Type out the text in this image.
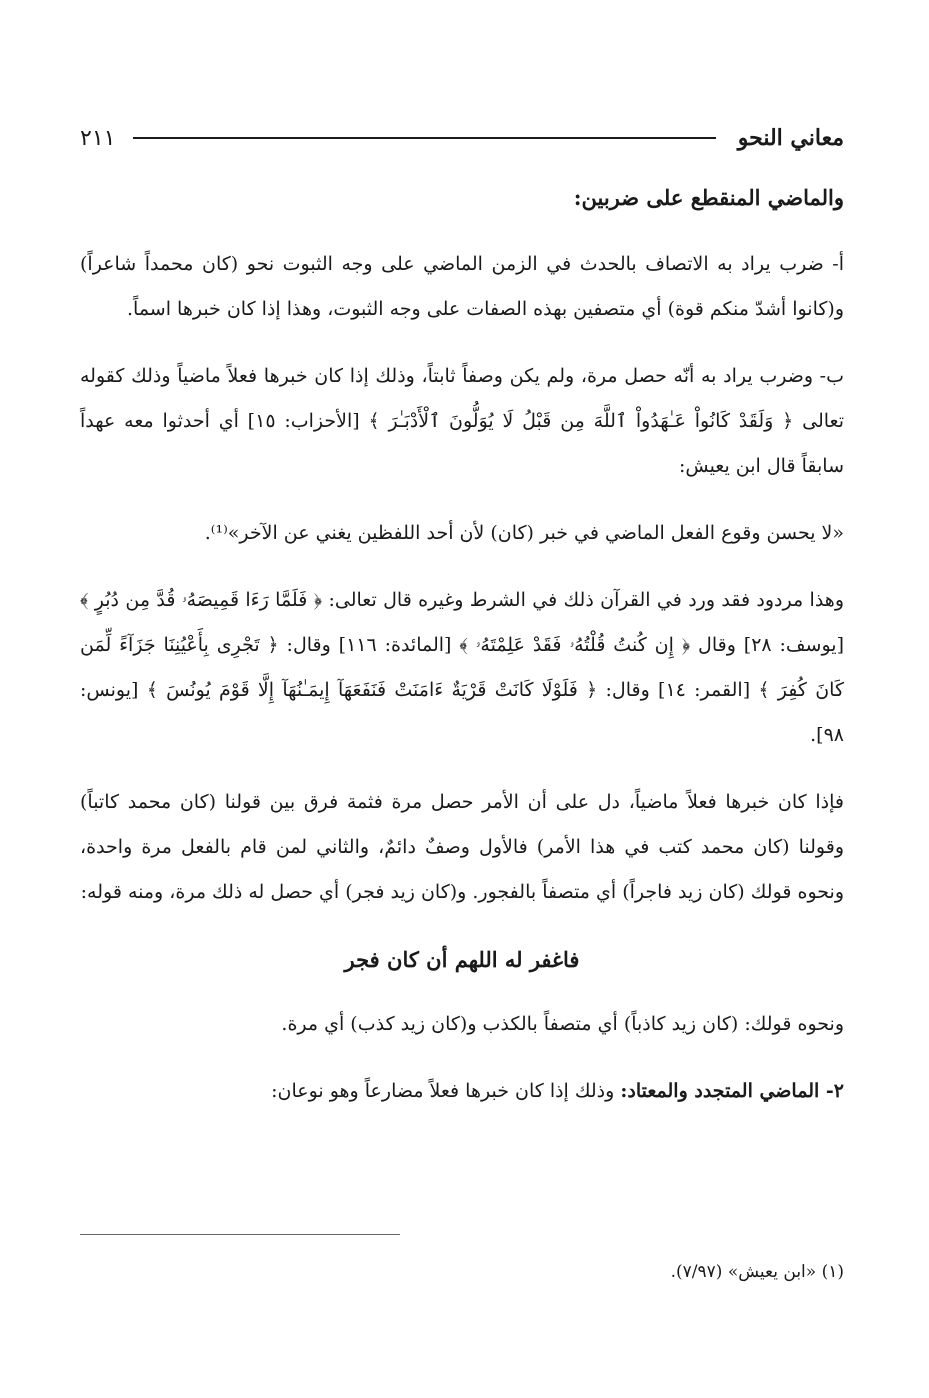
معاني النحو
٢١١

والماضي المنقطع على ضربين:

أ- ضرب يراد به الاتصاف بالحدث في الزمن الماضي على وجه الثبوت نحو (كان محمداً شاعراً) و(كانوا أشدّ منكم قوة) أي متصفين بهذه الصفات على وجه الثبوت، وهذا إذا كان خبرها اسماً.

ب- وضرب يراد به أنّه حصل مرة، ولم يكن وصفاً ثابتاً، وذلك إذا كان خبرها فعلاً ماضياً وذلك كقوله تعالى ﴿ وَلَقَدْ كَانُواْ عَـٰهَدُواْ ٱللَّهَ مِن قَبْلُ لَا يُوَلُّونَ ٱلْأَدْبَـٰرَ ﴾ [الأحزاب: ١٥] أي أحدثوا معه عهداً سابقاً قال ابن يعيش:

«لا يحسن وقوع الفعل الماضي في خبر (كان) لأن أحد اللفظين يغني عن الآخر»⁽¹⁾.

وهذا مردود فقد ورد في القرآن ذلك في الشرط وغيره قال تعالى: ﴿ فَلَمَّا رَءَا قَمِيصَهُۥ قُدَّ مِن دُبُرٍ ﴾ [يوسف: ٢٨] وقال ﴿ إِن كُنتُ قُلْتُهُۥ فَقَدْ عَلِمْتَهُۥ ﴾ [المائدة: ١١٦] وقال: ﴿ تَجْرِى بِأَعْيُنِنَا جَزَآءً لِّمَن كَانَ كُفِرَ ﴾ [القمر: ١٤] وقال: ﴿ فَلَوْلَا كَانَتْ قَرْيَةٌ ءَامَنَتْ فَنَفَعَهَآ إِيمَـٰنُهَآ إِلَّا قَوْمَ يُونُسَ ﴾ [يونس: ٩٨].

فإذا كان خبرها فعلاً ماضياً، دل على أن الأمر حصل مرة فثمة فرق بين قولنا (كان محمد كاتباً) وقولنا (كان محمد كتب في هذا الأمر) فالأول وصفٌ دائمٌ، والثاني لمن قام بالفعل مرة واحدة، ونحوه قولك (كان زيد فاجراً) أي متصفاً بالفجور. و(كان زيد فجر) أي حصل له ذلك مرة، ومنه قوله:

فاغفر له اللهم أن كان فجر

ونحوه قولك: (كان زيد كاذباً) أي متصفاً بالكذب و(كان زيد كذب) أي مرة.

٢- الماضي المتجدد والمعتاد: وذلك إذا كان خبرها فعلاً مضارعاً وهو نوعان:

(١) «ابن يعيش» (٧/٩٧).
